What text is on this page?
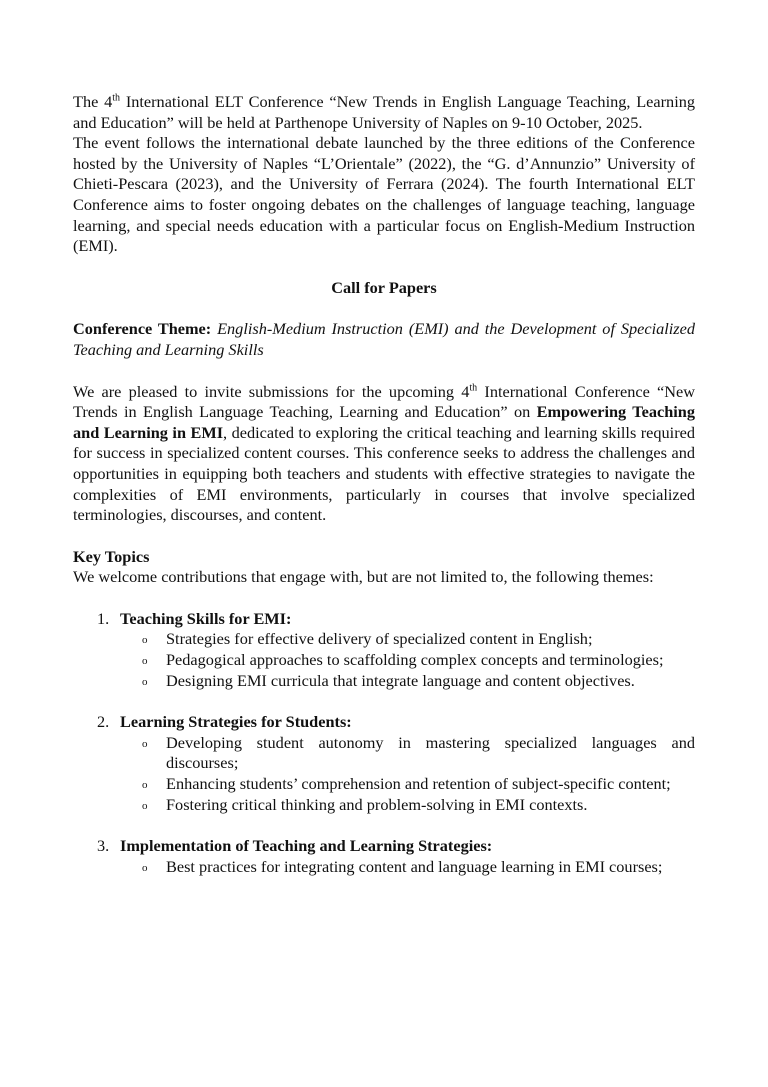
The 4th International ELT Conference “New Trends in English Language Teaching, Learning and Education” will be held at Parthenope University of Naples on 9-10 October, 2025.

The event follows the international debate launched by the three editions of the Conference hosted by the University of Naples “L’Orientale” (2022), the “G. d’Annunzio” University of Chieti-Pescara (2023), and the University of Ferrara (2024). The fourth International ELT Conference aims to foster ongoing debates on the challenges of language teaching, language learning, and special needs education with a particular focus on English-Medium Instruction (EMI).

Call for Papers

Conference Theme: English-Medium Instruction (EMI) and the Development of Specialized Teaching and Learning Skills

We are pleased to invite submissions for the upcoming 4th International Conference “New Trends in English Language Teaching, Learning and Education” on Empowering Teaching and Learning in EMI, dedicated to exploring the critical teaching and learning skills required for success in specialized content courses. This conference seeks to address the challenges and opportunities in equipping both teachers and students with effective strategies to navigate the complexities of EMI environments, particularly in courses that involve specialized terminologies, discourses, and content.

Key Topics

We welcome contributions that engage with, but are not limited to, the following themes:

1. Teaching Skills for EMI:
o Strategies for effective delivery of specialized content in English;
o Pedagogical approaches to scaffolding complex concepts and terminologies;
o Designing EMI curricula that integrate language and content objectives.
2. Learning Strategies for Students:
o Developing student autonomy in mastering specialized languages and discourses;
o Enhancing students’ comprehension and retention of subject-specific content;
o Fostering critical thinking and problem-solving in EMI contexts.
3. Implementation of Teaching and Learning Strategies:
o Best practices for integrating content and language learning in EMI courses;
